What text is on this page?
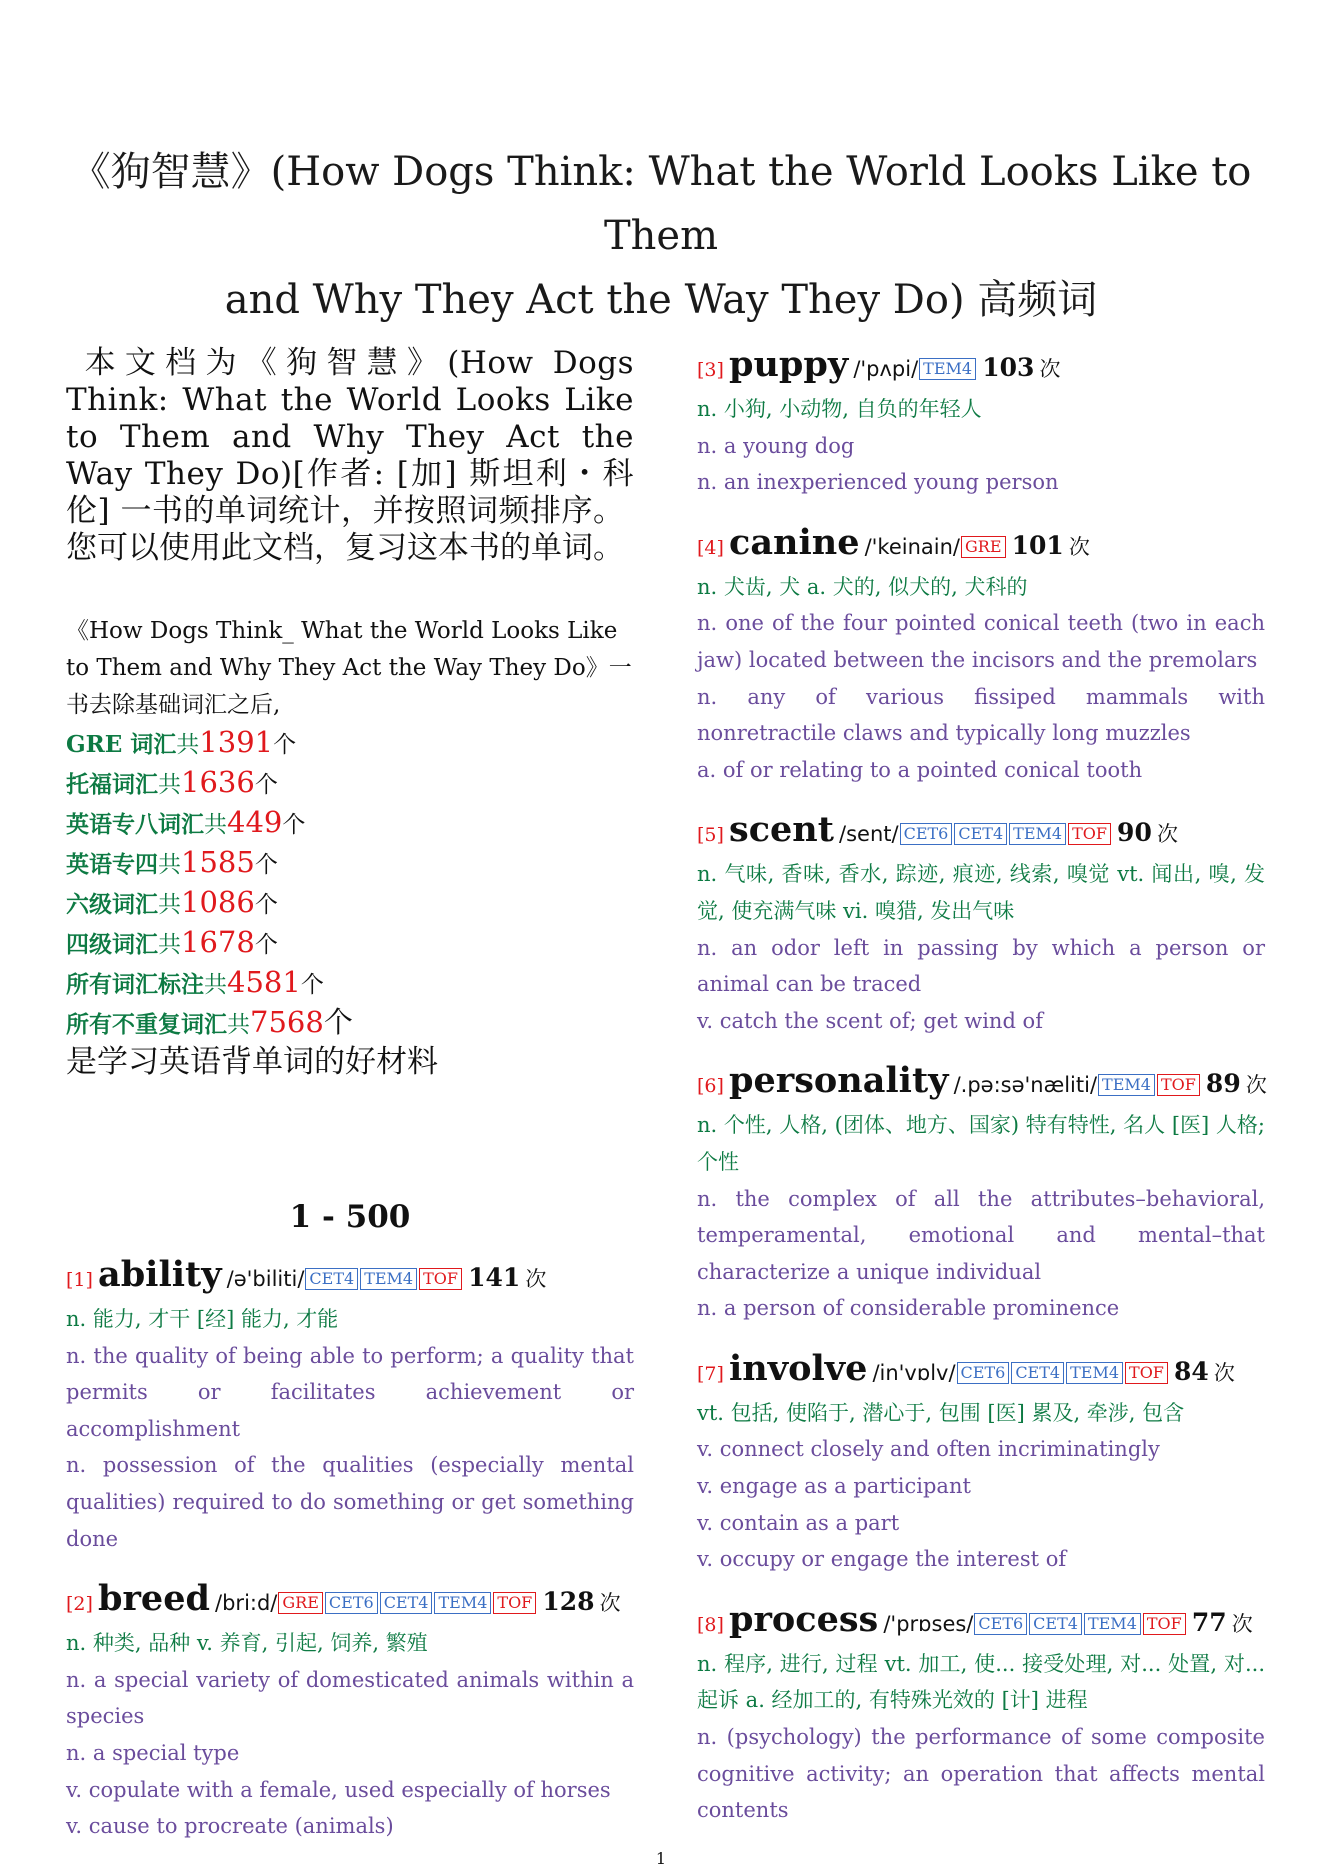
《狗智慧》(How Dogs Think: What the World Looks Like to Them
and Why They Act the Way They Do) 高频词

本文档为《狗智慧》(How Dogs Think: What the World Looks Like to Them and Why They Act the Way They Do)[作者: [加] 斯坦利・科伦] 一书的单词统计，并按照词频排序。

您可以使用此文档，复习这本书的单词。

《How Dogs Think_ What the World Looks Like to Them and Why They Act the Way They Do》一书去除基础词汇之后,

GRE 词汇共1391个

托福词汇共1636个

英语专八词汇共449个

英语专四共1585个

六级词汇共1086个

四级词汇共1678个

所有词汇标注共4581个

所有不重复词汇共7568个

是学习英语背单词的好材料

1 - 500
[1] ability /ə'biliti/ CET4 TEM4 TOF 141 次

n. 能力, 才干 [经] 能力, 才能

n. the quality of being able to perform; a quality that permits or facilitates achievement or accomplishment

n. possession of the qualities (especially mental qualities) required to do something or get something done

[2] breed /bri:d/ GRE CET6 CET4 TEM4 TOF 128 次

n. 种类, 品种 v. 养育, 引起, 饲养, 繁殖

n. a special variety of domesticated animals within a species

n. a special type

v. copulate with a female, used especially of horses

v. cause to procreate (animals)

[3] puppy /'pʌpi/ TEM4 103 次

n. 小狗, 小动物, 自负的年轻人

n. a young dog

n. an inexperienced young person

[4] canine /'keinain/ GRE 101 次

n. 犬齿, 犬 a. 犬的, 似犬的, 犬科的

n. one of the four pointed conical teeth (two in each jaw) located between the incisors and the premolars

n. any of various fissiped mammals with nonretractile claws and typically long muzzles

a. of or relating to a pointed conical tooth

[5] scent /sent/ CET6 CET4 TEM4 TOF 90 次

n. 气味, 香味, 香水, 踪迹, 痕迹, 线索, 嗅觉 vt. 闻出, 嗅, 发觉, 使充满气味 vi. 嗅猎, 发出气味

n. an odor left in passing by which a person or animal can be traced

v. catch the scent of; get wind of

[6] personality /.pə:sə'næliti/ TEM4 TOF 89 次

n. 个性, 人格, (团体、地方、国家) 特有特性, 名人 [医] 人格; 个性

n. the complex of all the attributes–behavioral, temperamental, emotional and mental–that characterize a unique individual

n. a person of considerable prominence

[7] involve /in'vɒlv/ CET6 CET4 TEM4 TOF 84 次

vt. 包括, 使陷于, 潜心于, 包围 [医] 累及, 牵涉, 包含

v. connect closely and often incriminatingly

v. engage as a participant

v. contain as a part

v. occupy or engage the interest of

[8] process /'prɒses/ CET6 CET4 TEM4 TOF 77 次

n. 程序, 进行, 过程 vt. 加工, 使... 接受处理, 对... 处置, 对... 起诉 a. 经加工的, 有特殊光效的 [计] 进程

n. (psychology) the performance of some composite cognitive activity; an operation that affects mental contents

1
